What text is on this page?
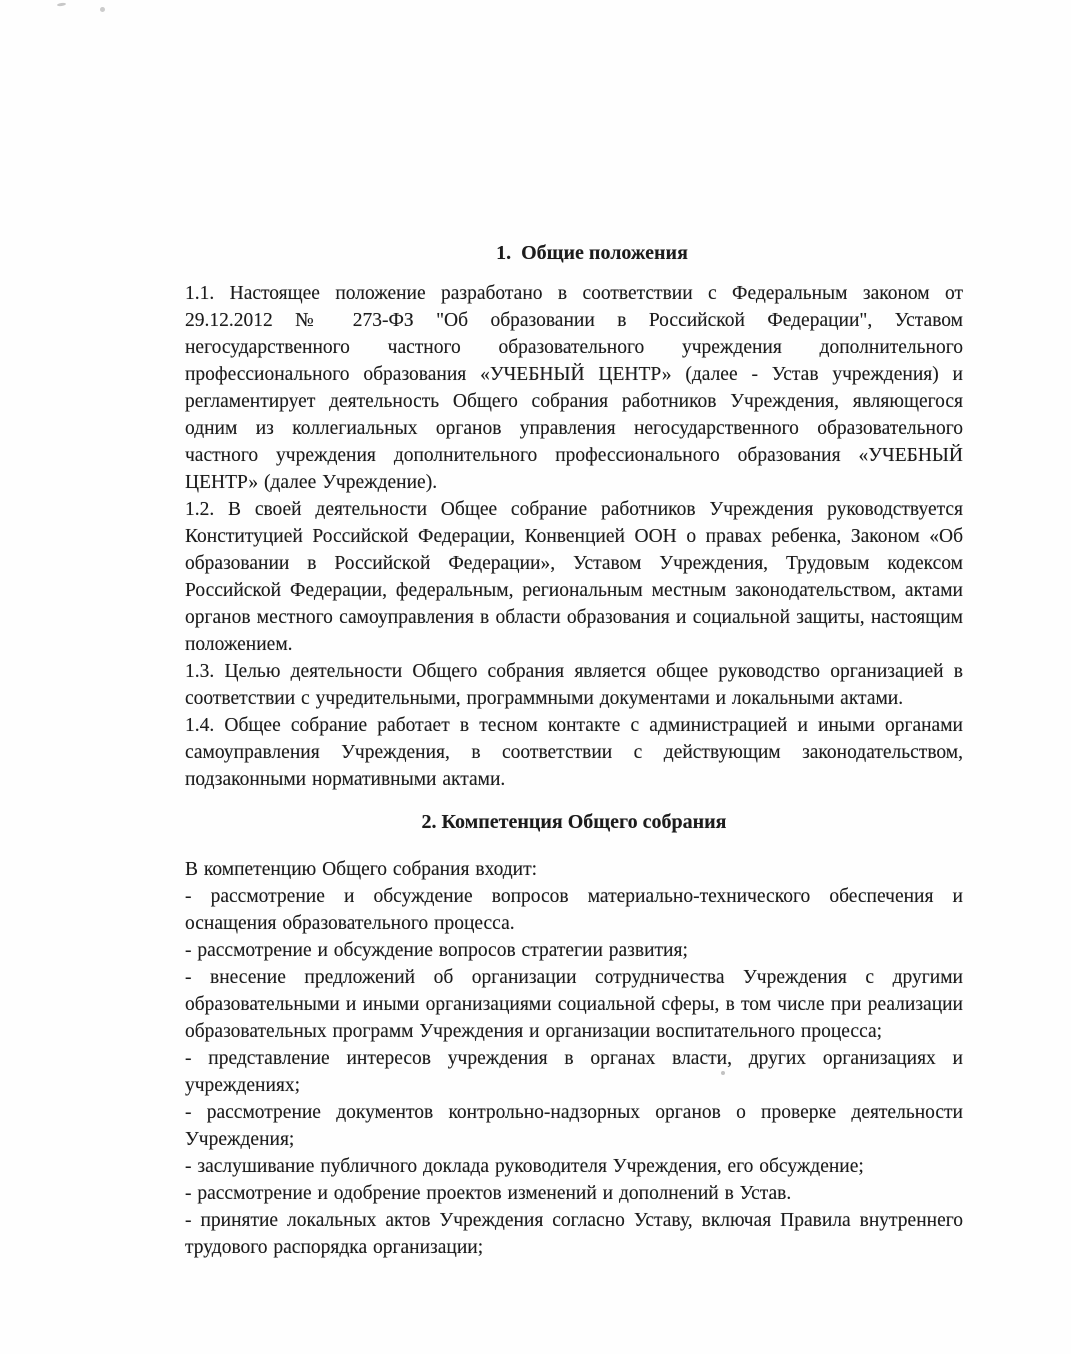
1.  Общие положения

1.1. Настоящее положение разработано в соответствии с Федеральным законом от 29.12.2012 № 273-ФЗ "Об образовании в Российской Федерации", Уставом негосударственного частного образовательного учреждения дополнительного профессионального образования «УЧЕБНЫЙ ЦЕНТР» (далее - Устав учреждения) и регламентирует деятельность Общего собрания работников Учреждения, являющегося одним из коллегиальных органов управления негосударственного образовательного частного учреждения дополнительного профессионального образования «УЧЕБНЫЙ ЦЕНТР» (далее Учреждение).

1.2. В своей деятельности Общее собрание работников Учреждения руководствуется Конституцией Российской Федерации, Конвенцией ООН о правах ребенка, Законом «Об образовании в Российской Федерации», Уставом Учреждения, Трудовым кодексом Российской Федерации, федеральным, региональным местным законодательством, актами органов местного самоуправления в области образования и социальной защиты, настоящим положением.

1.3. Целью деятельности Общего собрания является общее руководство организацией в соответствии с учредительными, программными документами и локальными актами.

1.4. Общее собрание работает в тесном контакте с администрацией и иными органами самоуправления Учреждения, в соответствии с действующим законодательством, подзаконными нормативными актами.

2. Компетенция Общего собрания

В компетенцию Общего собрания входит:

- рассмотрение и обсуждение вопросов материально-технического обеспечения и оснащения образовательного процесса.

- рассмотрение и обсуждение вопросов стратегии развития;

- внесение предложений об организации сотрудничества Учреждения с другими образовательными и иными организациями социальной сферы, в том числе при реализации образовательных программ Учреждения и организации воспитательного процесса;

- представление интересов учреждения в органах власти, других организациях и учреждениях;

- рассмотрение документов контрольно-надзорных органов о проверке деятельности Учреждения;

- заслушивание публичного доклада руководителя Учреждения, его обсуждение;

- рассмотрение и одобрение проектов изменений и дополнений в Устав.

- принятие локальных актов Учреждения согласно Уставу, включая Правила внутреннего трудового распорядка организации;
